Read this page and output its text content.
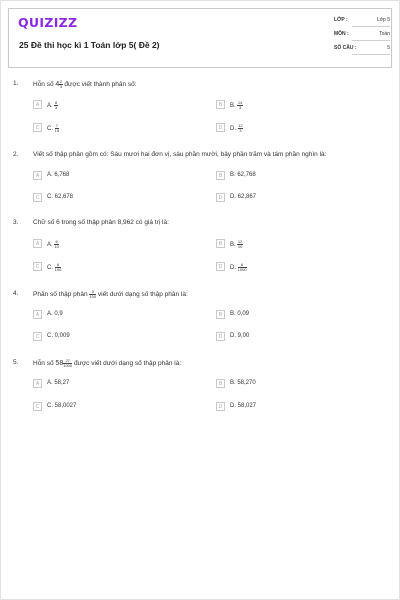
QUIZIZZ
25 Đề thi học kì 1 Toán lớp 5( Đề 2)
LỚP :	Lớp 5
MÔN :	Toán
SỐ CÂU :	5
1. Hỗn số $4 \frac{2}{3}$ được viết thành phân số:
A	A. $\frac{8}{3}$	B	B. $\frac{14}{3}$
C	C. $\frac{7}{15}$	D	D. $\frac{12}{3}$
2. Viết số thập phân gồm có: Sáu mươi hai đơn vị, sáu phần mười, bảy phần trăm và tám phần nghìn là:
A	A. 6,768	B	B. 62,768
C	C. 62,678	D	D. 62,867
3. Chữ số 6 trong số thập phân 8,962 có giá trị là:
A	A. $\frac{6}{10}$	B	B. $\frac{12}{10}$
C	C. $\frac{6}{100}$	D	D. $\frac{6}{1000}$
4. Phân số thập phân $\frac{9}{100}$ viết dưới dạng số thập phân là:
A	A. 0,9	B	B. 0,09
C	C. 0,009	D	D. 9,00
5. Hỗn số $58 \frac{27}{1000}$ được viết dưới dạng số thập phân là:
A	A. 58,27	B	B. 58,270
C	C. 58,0027	D	D. 58,027
